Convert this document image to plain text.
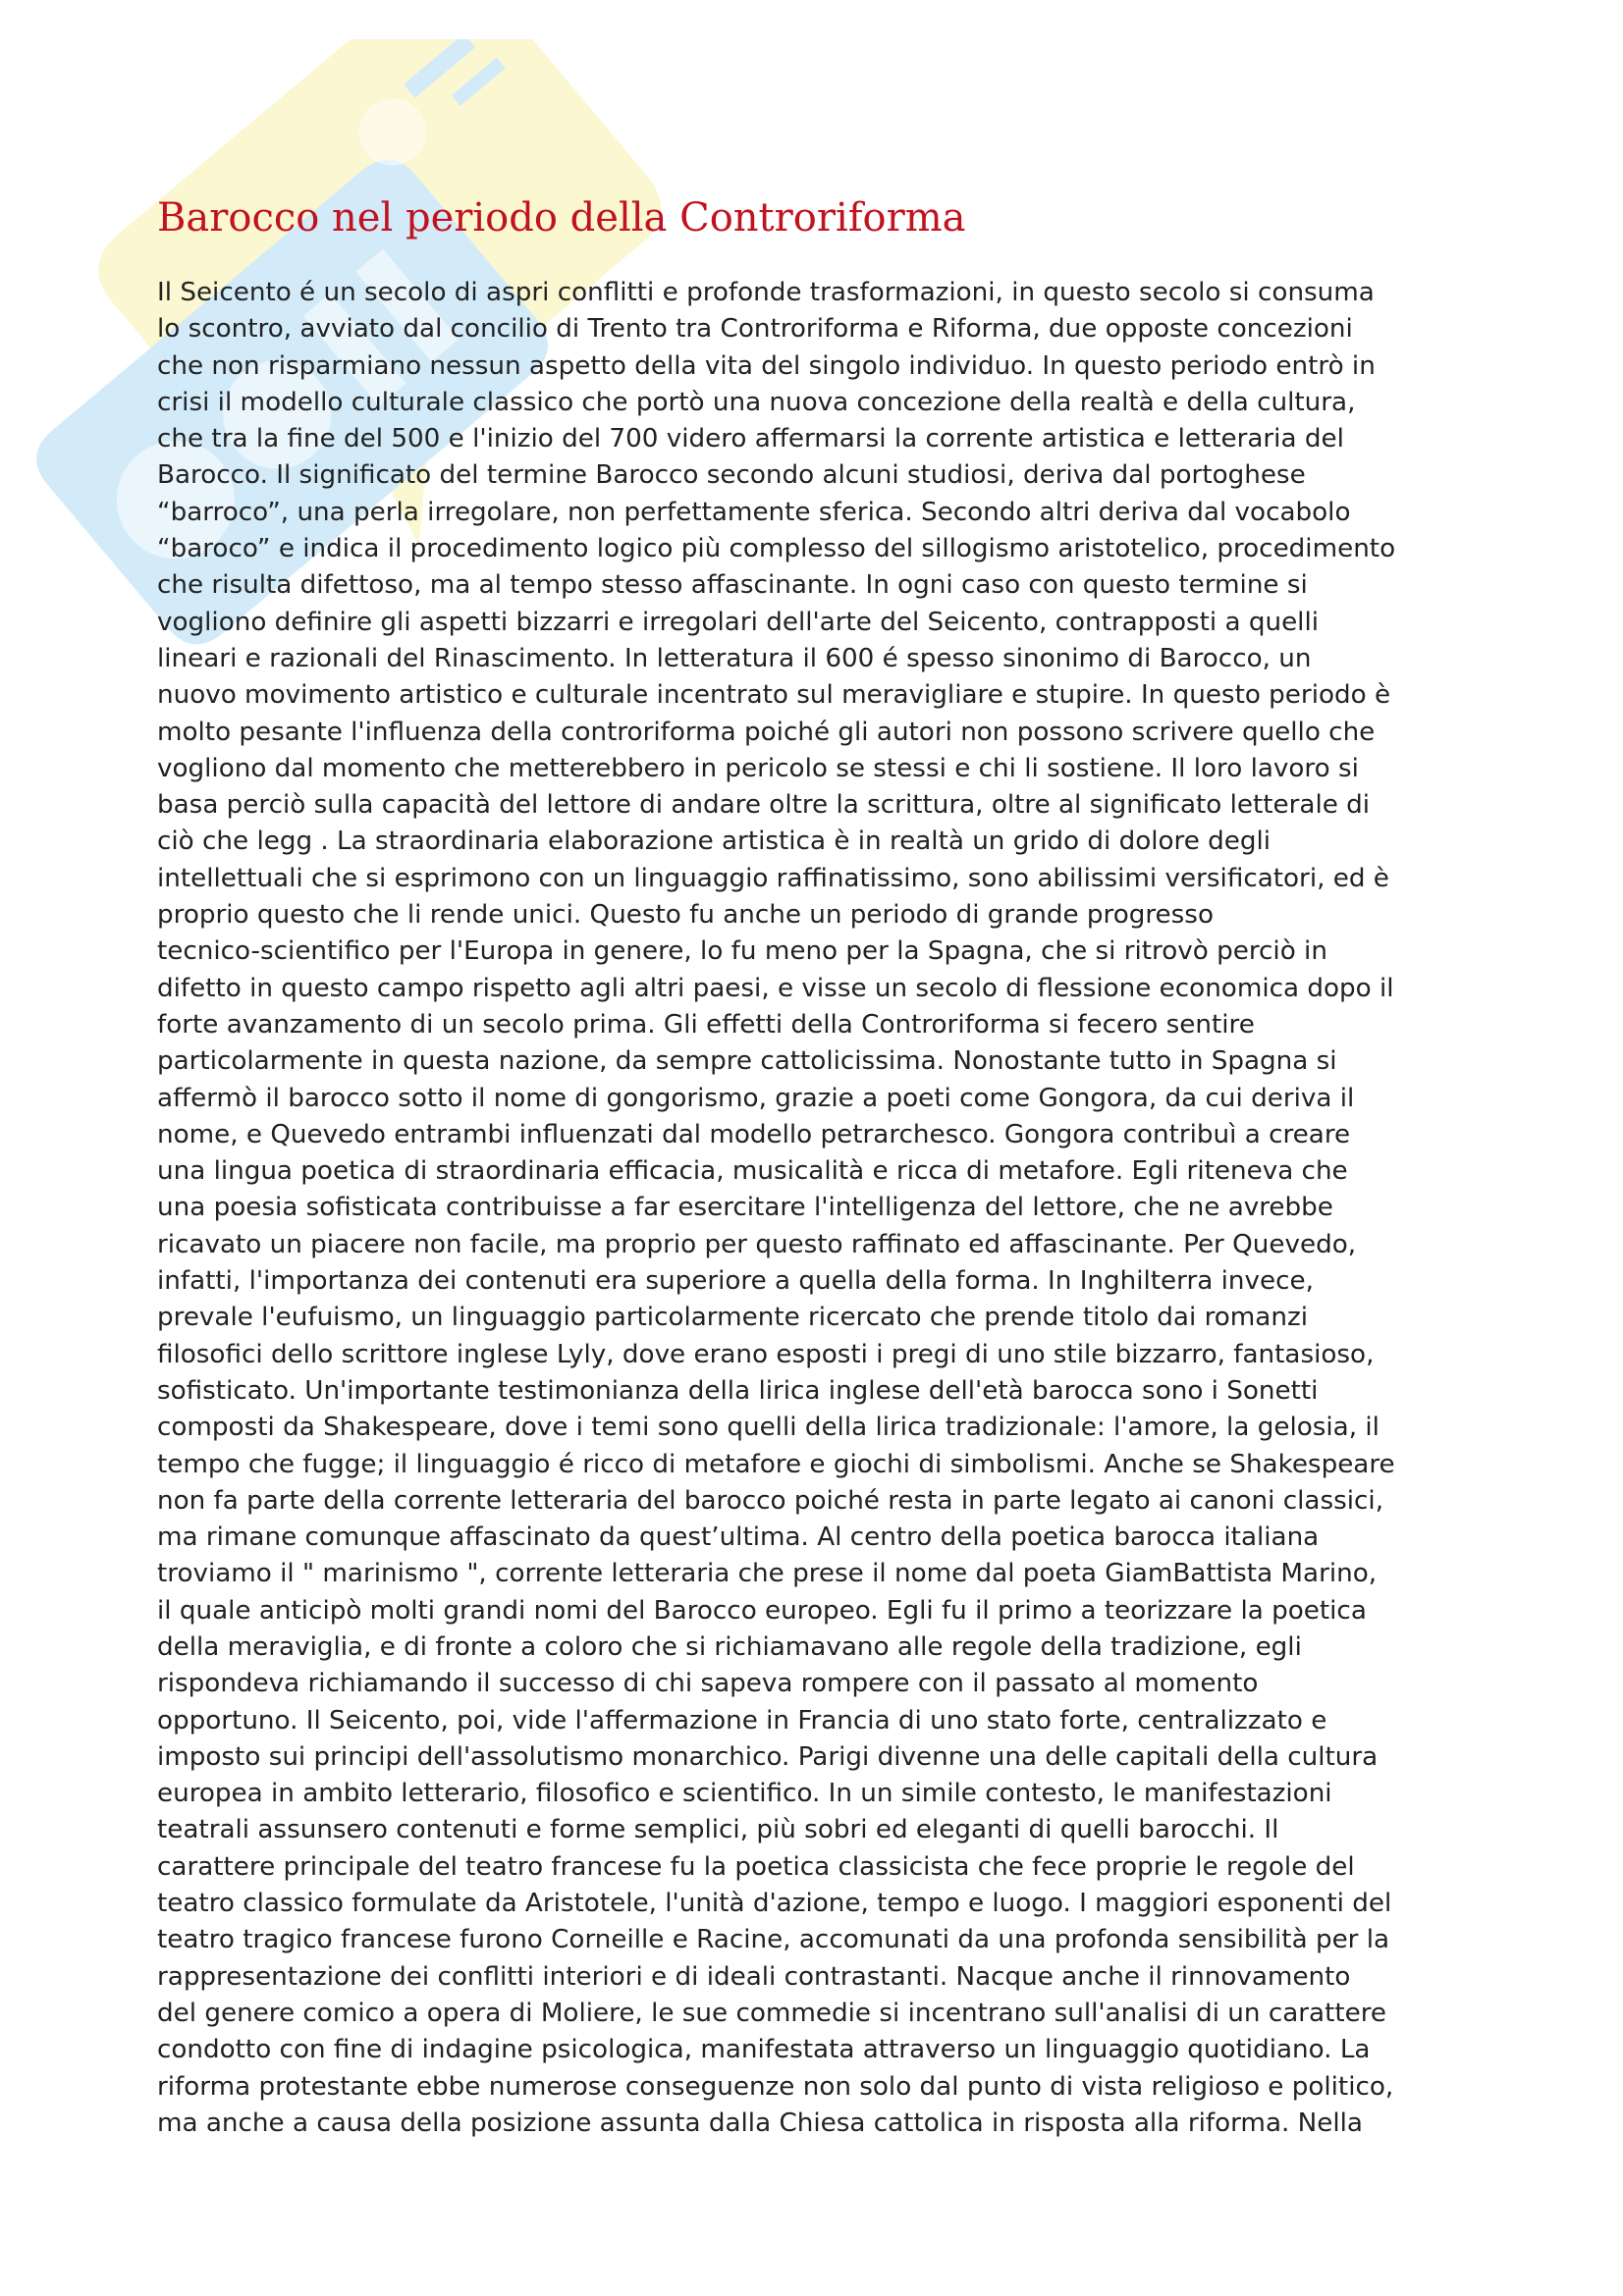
Barocco nel periodo della Controriforma
Il Seicento é un secolo di aspri conflitti e profonde trasformazioni, in questo secolo si consuma
lo scontro, avviato dal concilio di Trento tra Controriforma e Riforma, due opposte concezioni
che non risparmiano nessun aspetto della vita del singolo individuo. In questo periodo entrò in
crisi il modello culturale classico che portò una nuova concezione della realtà e della cultura,
che tra la fine del 500 e l'inizio del 700 videro affermarsi la corrente artistica e letteraria del
Barocco. Il significato del termine Barocco secondo alcuni studiosi, deriva dal portoghese
“barroco”, una perla irregolare, non perfettamente sferica. Secondo altri deriva dal vocabolo
“baroco” e indica il procedimento logico più complesso del sillogismo aristotelico, procedimento
che risulta difettoso, ma al tempo stesso affascinante. In ogni caso con questo termine si
vogliono definire gli aspetti bizzarri e irregolari dell'arte del Seicento, contrapposti a quelli
lineari e razionali del Rinascimento. In letteratura il 600 é spesso sinonimo di Barocco, un
nuovo movimento artistico e culturale incentrato sul meravigliare e stupire. In questo periodo è
molto pesante l'influenza della controriforma poiché gli autori non possono scrivere quello che
vogliono dal momento che metterebbero in pericolo se stessi e chi li sostiene. Il loro lavoro si
basa perciò sulla capacità del lettore di andare oltre la scrittura, oltre al significato letterale di
ciò che legg . La straordinaria elaborazione artistica è in realtà un grido di dolore degli
intellettuali che si esprimono con un linguaggio raffinatissimo, sono abilissimi versificatori, ed è
proprio questo che li rende unici. Questo fu anche un periodo di grande progresso
tecnico-scientifico per l'Europa in genere, lo fu meno per la Spagna, che si ritrovò perciò in
difetto in questo campo rispetto agli altri paesi, e visse un secolo di flessione economica dopo il
forte avanzamento di un secolo prima. Gli effetti della Controriforma si fecero sentire
particolarmente in questa nazione, da sempre cattolicissima. Nonostante tutto in Spagna si
affermò il barocco sotto il nome di gongorismo, grazie a poeti come Gongora, da cui deriva il
nome, e Quevedo entrambi influenzati dal modello petrarchesco. Gongora contribuì a creare
una lingua poetica di straordinaria efficacia, musicalità e ricca di metafore. Egli riteneva che
una poesia sofisticata contribuisse a far esercitare l'intelligenza del lettore, che ne avrebbe
ricavato un piacere non facile, ma proprio per questo raffinato ed affascinante. Per Quevedo,
infatti, l'importanza dei contenuti era superiore a quella della forma. In Inghilterra invece,
prevale l'eufuismo, un linguaggio particolarmente ricercato che prende titolo dai romanzi
filosofici dello scrittore inglese Lyly, dove erano esposti i pregi di uno stile bizzarro, fantasioso,
sofisticato. Un'importante testimonianza della lirica inglese dell'età barocca sono i Sonetti
composti da Shakespeare, dove i temi sono quelli della lirica tradizionale: l'amore, la gelosia, il
tempo che fugge; il linguaggio é ricco di metafore e giochi di simbolismi. Anche se Shakespeare
non fa parte della corrente letteraria del barocco poiché resta in parte legato ai canoni classici,
ma rimane comunque affascinato da quest’ultima. Al centro della poetica barocca italiana
troviamo il " marinismo ", corrente letteraria che prese il nome dal poeta GiamBattista Marino,
il quale anticipò molti grandi nomi del Barocco europeo. Egli fu il primo a teorizzare la poetica
della meraviglia, e di fronte a coloro che si richiamavano alle regole della tradizione, egli
rispondeva richiamando il successo di chi sapeva rompere con il passato al momento
opportuno. Il Seicento, poi, vide l'affermazione in Francia di uno stato forte, centralizzato e
imposto sui principi dell'assolutismo monarchico. Parigi divenne una delle capitali della cultura
europea in ambito letterario, filosofico e scientifico. In un simile contesto, le manifestazioni
teatrali assunsero contenuti e forme semplici, più sobri ed eleganti di quelli barocchi. Il
carattere principale del teatro francese fu la poetica classicista che fece proprie le regole del
teatro classico formulate da Aristotele, l'unità d'azione, tempo e luogo. I maggiori esponenti del
teatro tragico francese furono Corneille e Racine, accomunati da una profonda sensibilità per la
rappresentazione dei conflitti interiori e di ideali contrastanti. Nacque anche il rinnovamento
del genere comico a opera di Moliere, le sue commedie si incentrano sull'analisi di un carattere
condotto con fine di indagine psicologica, manifestata attraverso un linguaggio quotidiano. La
riforma protestante ebbe numerose conseguenze non solo dal punto di vista religioso e politico,
ma anche a causa della posizione assunta dalla Chiesa cattolica in risposta alla riforma. Nella
